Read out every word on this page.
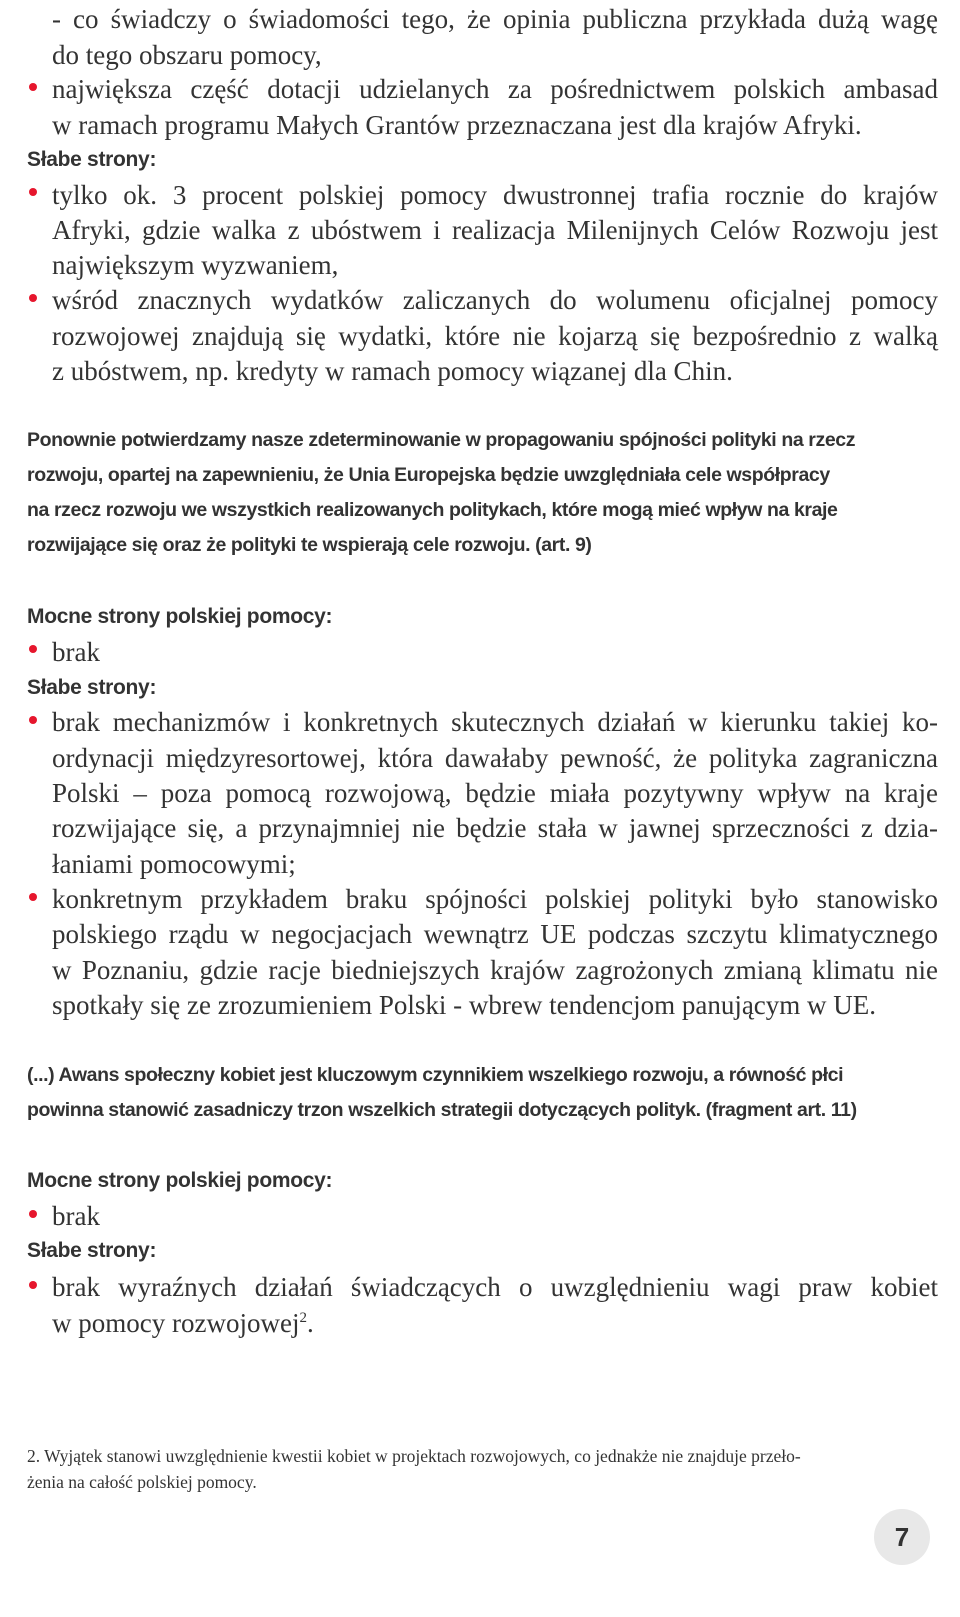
- co świadczy o świadomości tego, że opinia publiczna przykłada dużą wagę
do tego obszaru pomocy,
największa część dotacji udzielanych za pośrednictwem polskich ambasad
w ramach programu Małych Grantów przeznaczana jest dla krajów Afryki.
Słabe strony:
tylko ok. 3 procent polskiej pomocy dwustronnej trafia rocznie do krajów
Afryki, gdzie walka z ubóstwem i realizacja Milenijnych Celów Rozwoju jest
największym wyzwaniem,
wśród znacznych wydatków zaliczanych do wolumenu oficjalnej pomocy
rozwojowej znajdują się wydatki, które nie kojarzą się bezpośrednio z walką
z ubóstwem, np. kredyty w ramach pomocy wiązanej dla Chin.
Ponownie potwierdzamy nasze zdeterminowanie w propagowaniu spójności polityki na rzecz
rozwoju, opartej na zapewnieniu, że Unia Europejska będzie uwzględniała cele współpracy
na rzecz rozwoju we wszystkich realizowanych politykach, które mogą mieć wpływ na kraje
rozwijające się oraz że polityki te wspierają cele rozwoju. (art. 9)
Mocne strony polskiej pomocy:
brak
Słabe strony:
brak mechanizmów i konkretnych skutecznych działań w kierunku takiej ko-
ordynacji międzyresortowej, która dawałaby pewność, że polityka zagraniczna
Polski – poza pomocą rozwojową, będzie miała pozytywny wpływ na kraje
rozwijające się, a przynajmniej nie będzie stała w jawnej sprzeczności z dzia-
łaniami pomocowymi;
konkretnym przykładem braku spójności polskiej polityki było stanowisko
polskiego rządu w negocjacjach wewnątrz UE podczas szczytu klimatycznego
w Poznaniu, gdzie racje biedniejszych krajów zagrożonych zmianą klimatu nie
spotkały się ze zrozumieniem Polski - wbrew tendencjom panującym w UE.
(...) Awans społeczny kobiet jest kluczowym czynnikiem wszelkiego rozwoju, a równość płci
powinna stanowić zasadniczy trzon wszelkich strategii dotyczących polityk. (fragment art. 11)
Mocne strony polskiej pomocy:
brak
Słabe strony:
brak wyraźnych działań świadczących o uwzględnieniu wagi praw kobiet
w pomocy rozwojowej$^2$.
2. Wyjątek stanowi uwzględnienie kwestii kobiet w projektach rozwojowych, co jednakże nie znajduje przeło-
żenia na całość polskiej pomocy.
7
